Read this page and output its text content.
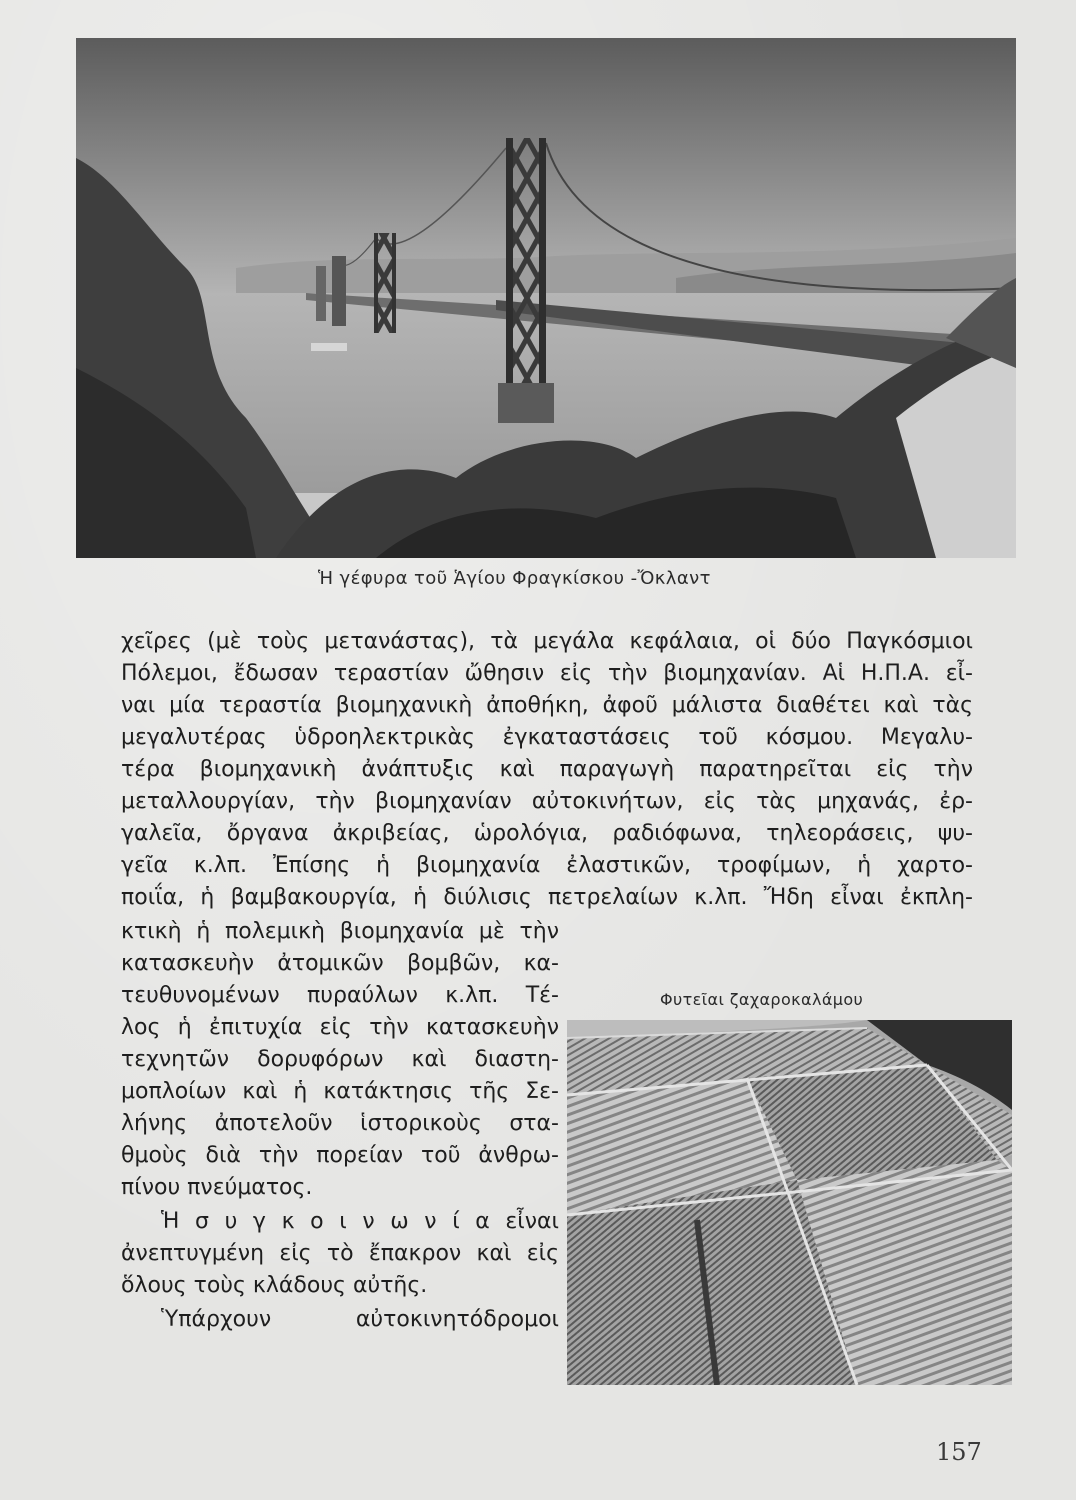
Ἡ γέφυρα τοῦ Ἁγίου Φραγκίσκου -Ὄκλαντ
χεῖρες (μὲ τοὺς μετανάστας), τὰ μεγάλα κεφάλαια, οἱ δύο Παγκόσμιοι
Πόλεμοι, ἔδωσαν τεραστίαν ὤθησιν εἰς τὴν βιομηχανίαν. Αἱ Η.Π.Α. εἶ-
ναι μία τεραστία βιομηχανικὴ ἀποθήκη, ἀφοῦ μάλιστα διαθέτει καὶ τὰς
μεγαλυτέρας ὑδροηλεκτρικὰς ἐγκαταστάσεις τοῦ κόσμου. Μεγαλυ-
τέρα βιομηχανικὴ ἀνάπτυξις καὶ παραγωγὴ παρατηρεῖται εἰς τὴν
μεταλλουργίαν, τὴν βιομηχανίαν αὐτοκινήτων, εἰς τὰς μηχανάς, ἐρ-
γαλεῖα, ὄργανα ἀκριβείας, ὡρολόγια, ραδιόφωνα, τηλεοράσεις, ψυ-
γεῖα κ.λπ. Ἐπίσης ἡ βιομηχανία ἐλαστικῶν, τροφίμων, ἡ χαρτο-
ποιΐα, ἡ βαμβακουργία, ἡ διύλισις πετρελαίων κ.λπ. Ἤδη εἶναι ἐκπλη-
κτικὴ ἡ πολεμικὴ βιομηχανία μὲ τὴν
κατασκευὴν ἀτομικῶν βομβῶν, κα-
τευθυνομένων πυραύλων κ.λπ. Τέ-
λος ἡ ἐπιτυχία εἰς τὴν κατασκευὴν
τεχνητῶν δορυφόρων καὶ διαστη-
μοπλοίων καὶ ἡ κατάκτησις τῆς Σε-
λήνης ἀποτελοῦν ἱστορικοὺς στα-
θμοὺς διὰ τὴν πορείαν τοῦ ἀνθρω-
πίνου πνεύματος.
Ἡ σ υ γ κ ο ι ν ω ν ί α εἶναι
ἀνεπτυγμένη εἰς τὸ ἔπακρον καὶ εἰς
ὅλους τοὺς κλάδους αὐτῆς.
Ὑπάρχουν αὐτοκινητόδρομοι
Φυτεῖαι ζαχαροκαλάμου
157
